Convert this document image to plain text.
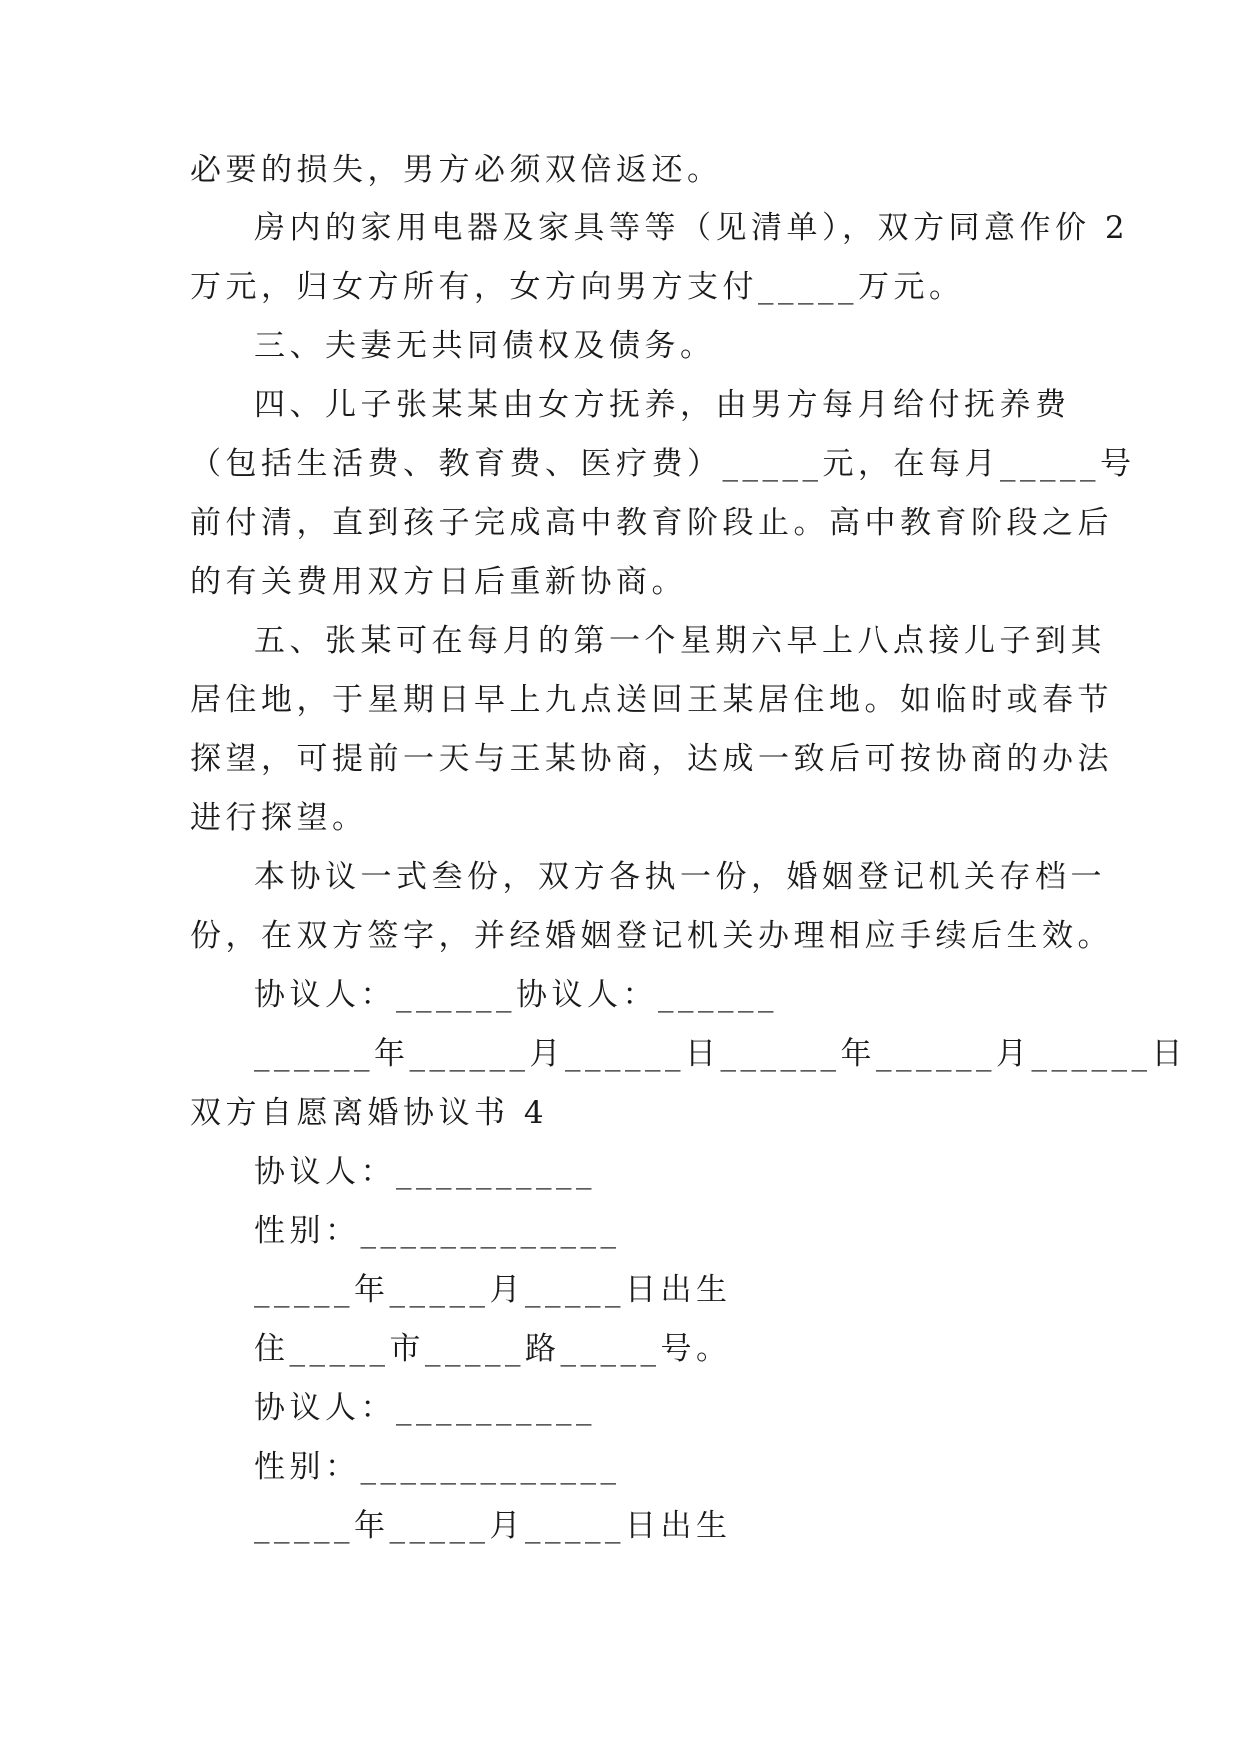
必要的损失，男方必须双倍返还。
房内的家用电器及家具等等（见清单），双方同意作价 2
万元，归女方所有，女方向男方支付_____万元。
三、夫妻无共同债权及债务。
四、儿子张某某由女方抚养，由男方每月给付抚养费
（包括生活费、教育费、医疗费）_____元，在每月_____号
前付清，直到孩子完成高中教育阶段止。高中教育阶段之后
的有关费用双方日后重新协商。
五、张某可在每月的第一个星期六早上八点接儿子到其
居住地，于星期日早上九点送回王某居住地。如临时或春节
探望，可提前一天与王某协商，达成一致后可按协商的办法
进行探望。
本协议一式叁份，双方各执一份，婚姻登记机关存档一
份，在双方签字，并经婚姻登记机关办理相应手续后生效。
协议人：______协议人：______
______年______月______日______年______月______日
双方自愿离婚协议书 4
协议人：__________
性别：_____________
_____年_____月_____日出生
住_____市_____路_____号。
协议人：__________
性别：_____________
_____年_____月_____日出生
